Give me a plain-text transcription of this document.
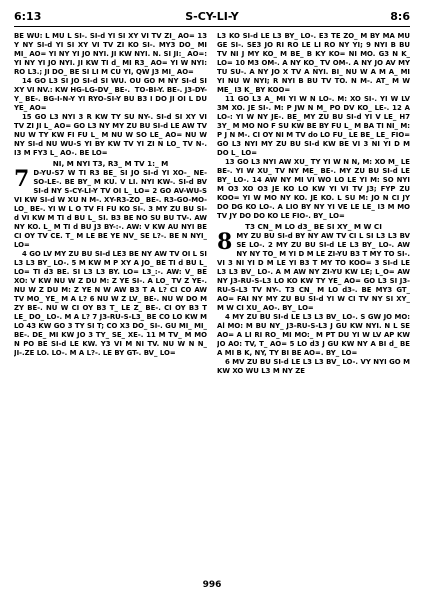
6:13	S-CY-LI-Y	8:6

BE WU: L MU L SI-. SI-d YI SI XY VI TV ZI_ AO= 13 Y NY SI-d YI SI XY VI TV ZI KO SI-. MY3 DO_ MI MI_ AO= YI NY YI JO NYI. JI KW NYI. N. SI JI:_ AO=: YI NY YI JO NYI. JI KW TI d_ MI R3_ AO= YI W NYI: RO L3.; JI DO_ BE SI LI M CU YI, QW J3 MI_ AO=

14 GO L3 SI JO SI-d SI WU. OU GO M NY SI-d SI XY VI NV.: KW HG-LG-DV_ BE-.  TO-BI-Y. BE-. J3-DY-Y_ BE-. BG-I-N-Y YI RYO-SI-Y BU B3 I DO JI OI L DU YE_ AO=

15 GO L3 NYI 3 R KW TY SU NY-. SI-d SI XY VI TV ZI JI L_ AO= GO L3 NY MY ZU BU SI-d LE AW TV NU W TY KW FI FU L_ M NU W SO LE_ AO= NU W NY SI-d NU WU-S YI BY KW TV YI ZI N LO_ TV N-. I3 M FY3 L_ AO-. BE LO=

NI, M NYI T3, R3_ M TV 1:_ M

7 D-YU-S7 W TI R3 BE_ SI JO SI-d YI XO-_ NE-SO-LE-. BE BY_ M KU. V LI. NYI KW-. SI-d BV SI-d NY S-CY-LI-Y TV OI L_ LO= 2 GO AV-WU-S VI KW SI-d W XU N M-. XY-R3-ZO_ BE-. R3-GO-MO-LO_ BE-. YI W L O TV FI FU KO SI-. 3 MY ZU BU SI-d VI KW M TI d BU L_ SI. B3 BE NO SU BU TV-. AW NY KO. L_ M TI d BU J3 BY-:-. AW: V KW AU NYI BE CI OY TV CE. T_ M LE BE YE NV_ SE L?-. BE N NYI_ LO=

4 GO LV MY ZU BU SI-d LE3 BE NY AW TV OI L SI L3 L3 BY_ LO-. 5 M KW M P XY A JO_ BE TI d BU L_ LO= TI d3 BE. SI L3 L3 BY. LO= L3_:-. AW: V_ BE XO: V KW NU W Z DU M: Z YE SI-. A LO_ TV Z YE-. NU W Z DU M: Z YE N W AW B3 T A L? CI CO AW TV MO_ YE_ M A L? 6 NU W Z LV_ BE-. NU W DO M ZY BE-. NU W CI OY B3 T_ LE Z_ BE-. CI OY B3 T LE_ DO_ LO-. M A L? 7 J3-RU-S-L3_ BE CO LO KW M LO 43 KW GO 3 TY SI T; CO X3 DO_ SI-. GU MI_ MI_ BE-. DE_ MI KW JO 3 TY_ SE_ XE-. 11 M TV_ M MO N PO BE SI-d LE KW. Y3 VI M NI TV. NU W N N_ JI-.ZE LO. LO-. M A L?-. LE BY GT-. BV_ LO=

L3 KO SI-d LE L3 BY_ LO-. E3 TE ZO_ M BY MA MU GE SI-. SE3 JO RI RO LE LI RO NY YI; 9 NYI B BU TV NI J MY KO_ M BE_ B KY KO= NI MO. G3 N K_ LO= 10 M3 OM-. A NY KO_ TV OM-. A NY JO AV MY TU SU-. A NY JO X TV A NYI. BI_ NU W A M A_ MI YI NU W NYI; R NYI B BU TV TO. N M-. AT_ M W ME_ I3 K_ BY KOO=

11 GO L3 A_ MI YI W N LO-. M: XO SI-. YI W LV 3M XO. JE SI-. M: P JW N M_ PO DV KO_ LE-. 12 A LO-: YI W NY JE-. BE_ MY ZU BU SI-d YI V LE_ H7 3Y_ M MO NO F SU KW BE BY FU L_ M BA TI NI_ M: P J N M-. CI OY NI M TV do LO FU_ LE BE_ LE_ FIO= GO L3 NYI MY ZU BU SI-d KW BE VI 3 NI YI D M DO L_ LO=

13 GO L3 NYI AW XU_ TY YI W N N, M: XO M_ LE BE-. YI W XU_ TV NY ME_ BE-. MY ZU BU SI-d LE BY_ LO-. 14 AW NY MI VI WO LO LE YI M: SO NYI M O3 XO O3 JE KO LO KW YI VI TV J3; FYP ZU KOO= YI W MO NY KO. JE KO. L SU M: JO N CI JY DO DG KO LO-. A LIO BY NY YI VE LE LE_ I3 M MO TV JY DO DO KO LE FIO-. BY_ LO=

T3 CN_ M LO d3_ BE SI XY_ M W CI

8 MY ZU BU SI-d BY NY AW TV CI L SI L3 L3 BV SE LO-. 2 MY ZU BU SI-d LE L3 BY_ LO-. AW NY NY TO_ M YI D M LE ZI-YU B3 T MY TO SI-. VI 3 NI YI D M LE YI B3 T MY TO KOO= 3 SI-d LE L3 L3 BV_ LO-. A M AW NY ZI-YU KW LE; L_O= AW NY J3-RU-S-L3 LO KO KW TY YE_ AO= GO L3 SI J3-RU-S-L3 TV NY-. T3 CN_ M LO d3-. BE MY3 GT_ AO= FAI NY MY ZU BU SI-d YI W CI TV NY SI XY_ M W CI XU_ AO-. BY_ LO=

4 MY ZU BU SI-d LE L3 L3 BV_ LO-. S GW JO MO: Al MO: M BU NY_ J3-RU-S-L3 J GU KW NYI. N L SE AO= A LI RI RO_ MI MO:_ M PT DU YI W LV AP KW JO AO: TV, T_ AO= 5 LO d3 J GU KW NY A BI d_ BE A MI B K, NY, TY BI BE AO=. BY_ LO=

6 MV ZU BU SI-d LE L3 L3 BV_ LO-. VY NYI GO M KW XO WU L3 M NY ZE

996
